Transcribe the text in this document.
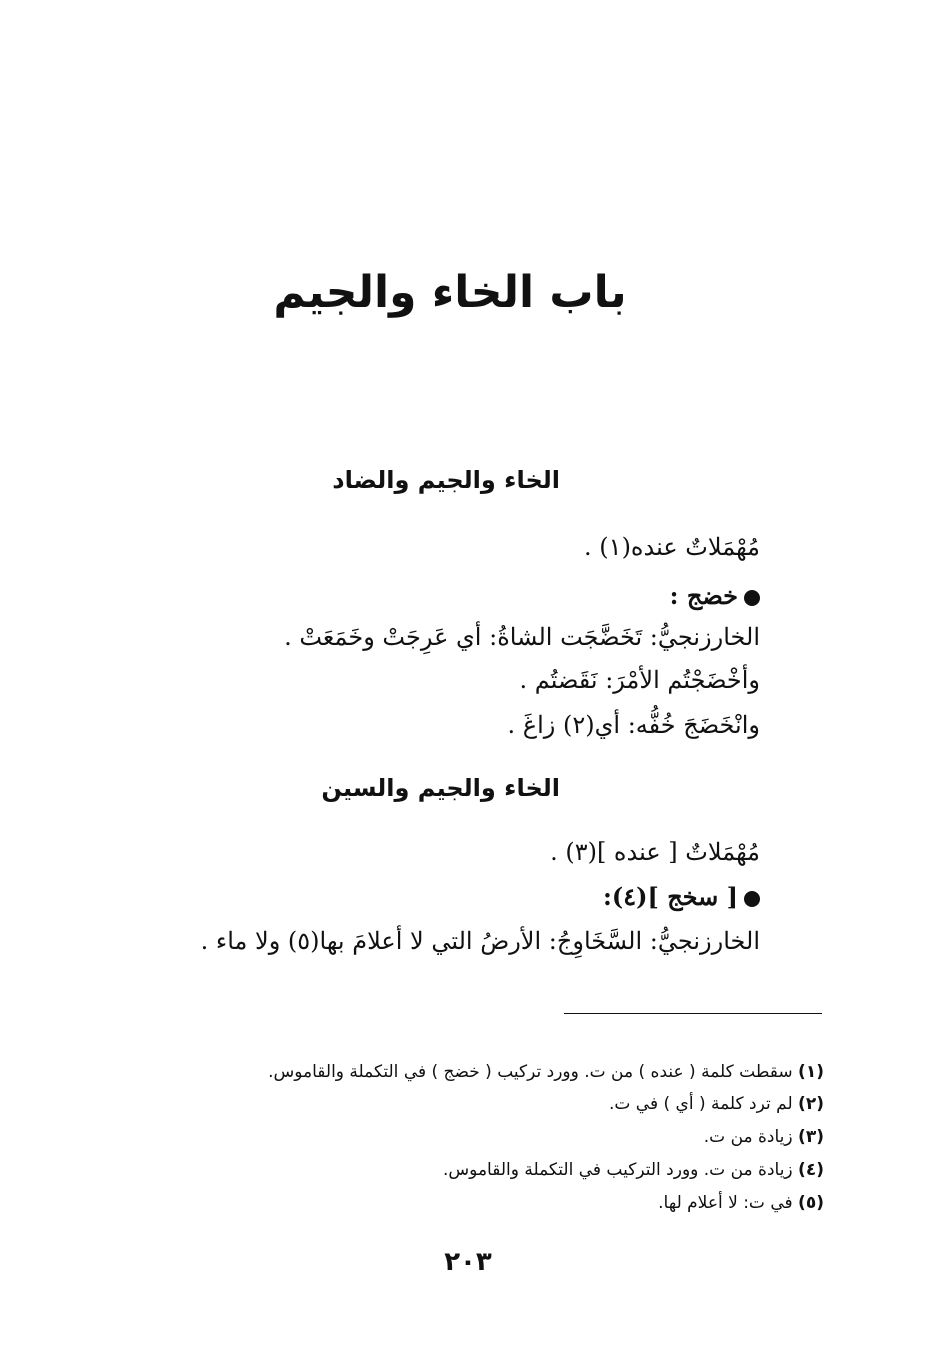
باب الخاء والجيم
الخاء والجيم والضاد
مُهْمَلاتٌ عنده(١) .
خضج :
الخارزنجيُّ: تَخَضَّجَت الشاةُ: أي عَرِجَتْ وخَمَعَتْ .
وأخْضَجْتُم الأمْرَ: نَقَضتُم .
وانْخَضَجَ خُفُّه: أي(٢) زاغَ .
الخاء والجيم والسين
مُهْمَلاتٌ [ عنده ](٣) .
[ سخج ](٤):
الخارزنجيُّ: السَّخَاوِجُ: الأرضُ التي لا أعلامَ بها(٥) ولا ماء .
(١) سقطت كلمة ( عنده ) من ت. وورد تركيب ( خضج ) في التكملة والقاموس.
(٢) لم ترد كلمة ( أي ) في ت.
(٣) زيادة من ت.
(٤) زيادة من ت. وورد التركيب في التكملة والقاموس.
(٥) في ت: لا أعلام لها.
٢٠٣
